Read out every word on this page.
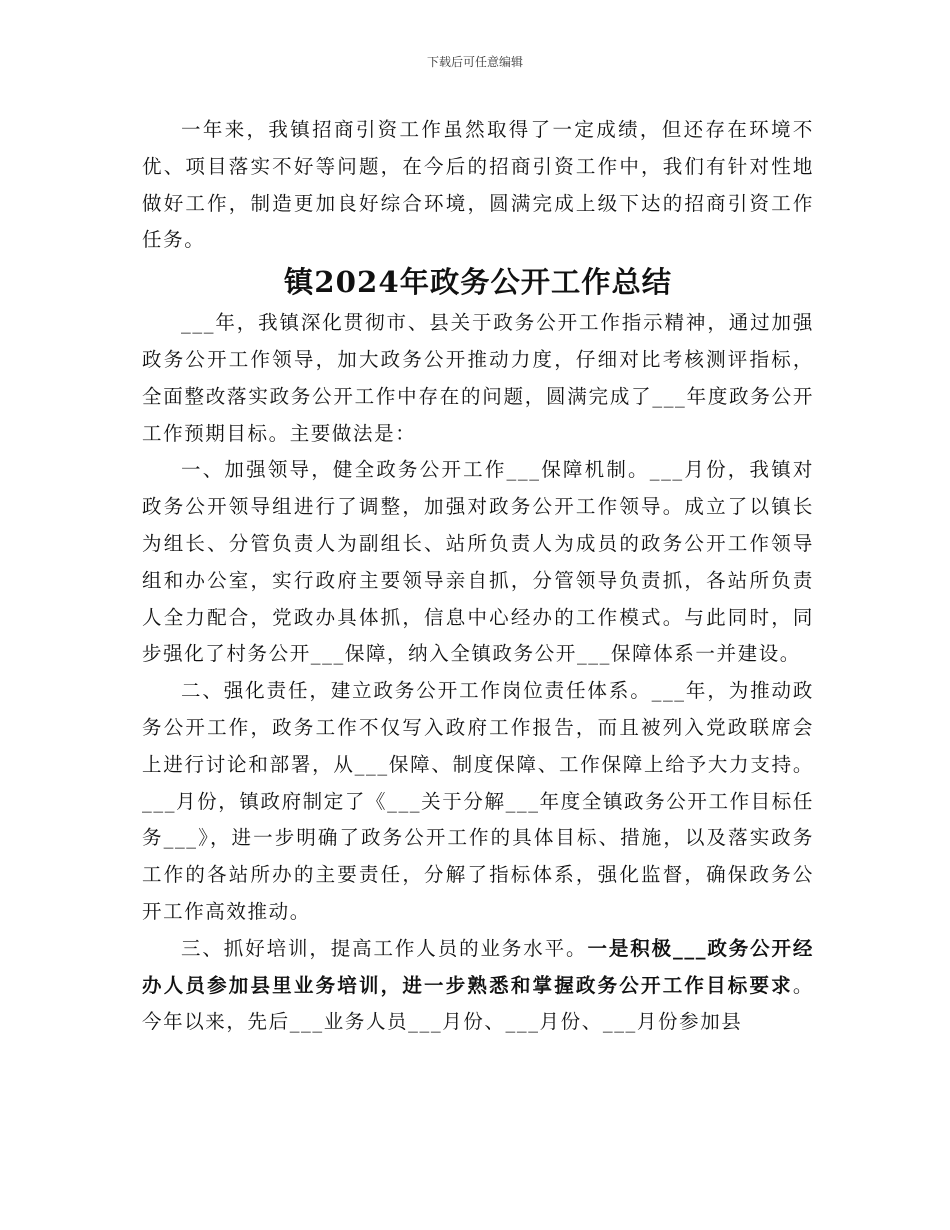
下载后可任意编辑

一年来，我镇招商引资工作虽然取得了一定成绩，但还存在环境不优、项目落实不好等问题，在今后的招商引资工作中，我们有针对性地做好工作，制造更加良好综合环境，圆满完成上级下达的招商引资工作任务。

镇2024年政务公开工作总结

___年，我镇深化贯彻市、县关于政务公开工作指示精神，通过加强政务公开工作领导，加大政务公开推动力度，仔细对比考核测评指标，全面整改落实政务公开工作中存在的问题，圆满完成了___年度政务公开工作预期目标。主要做法是：

一、加强领导，健全政务公开工作___保障机制。___月份，我镇对政务公开领导组进行了调整，加强对政务公开工作领导。成立了以镇长为组长、分管负责人为副组长、站所负责人为成员的政务公开工作领导组和办公室，实行政府主要领导亲自抓，分管领导负责抓，各站所负责人全力配合，党政办具体抓，信息中心经办的工作模式。与此同时，同步强化了村务公开___保障，纳入全镇政务公开___保障体系一并建设。

二、强化责任，建立政务公开工作岗位责任体系。___年，为推动政务公开工作，政务工作不仅写入政府工作报告，而且被列入党政联席会上进行讨论和部署，从___保障、制度保障、工作保障上给予大力支持。___月份，镇政府制定了《___关于分解___年度全镇政务公开工作目标任务___》，进一步明确了政务公开工作的具体目标、措施，以及落实政务工作的各站所办的主要责任，分解了指标体系，强化监督，确保政务公开工作高效推动。

三、抓好培训，提高工作人员的业务水平。一是积极___政务公开经办人员参加县里业务培训，进一步熟悉和掌握政务公开工作目标要求。今年以来，先后___业务人员___月份、___月份、___月份参加县
